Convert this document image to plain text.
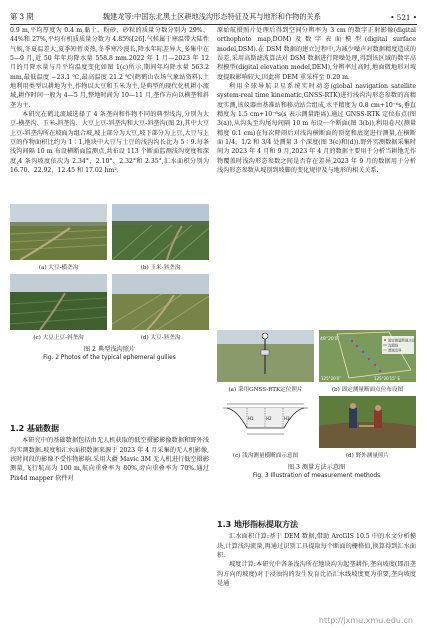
第 3 期	魏建龙等:中国东北黑土区耕地浅沟形态特征及其与地形和作物的关系	• 521 •

0.9 m,平均厚度为 0.4 m,黏土、粉砂、砂粒的质量分数分别为 29%、44%和 27%,平均有机质质量分数为 4.85%[26].气候属于寒温带大陆性气候,冬夏温差大,夏季短暂炎热,冬季寒冷漫长,降水年际差异大,多集中在 5—9 月,近 50 年年均降水量 558.8 mm.2022 年 1 月—2023 年 12 月的月降水量与月平均温度变化如图 1(c)所示,期间年均降水量 563.2 mm,最低温度 −23.1 ℃,最高温度 21.2 ℃(鹤鹤山农场气象站资料).土地利用类型以耕地为主,作物以大豆和玉米为主,是典型的现代化机耕小流域,耕作时间一般为 4—5 月,整地时间为 10—11 月,垄作方向以横垄和斜垄为主.

本研究在鹤北流域选择了 4 条垄向和作物不同的典型浅沟,分别为大豆-横垄沟、玉米-斜垄沟、大豆上豆-斜垄沟和大豆-斜垄沟(图 2),其中大豆上豆-斜垄沟所在坡面为组合坡,坡上部分为大豆,坡下部分为上豆,大豆与上豆的作物面积比约为 1∶1,地块中大豆与土豆的浅沟沟长比为 5∶9.每条浅沟间隔 10 m 布设横断面监测点,共布设 113 个断面监测浅沟宽度和深度,4 条沟坡度依次为 2.34°、2.10°、2.32°和 2.35°,汇水面积分别为 16.70、22.92、12.45 和 17.02 hm².

(a) 大豆-横垄沟	(b) 玉米-斜垄沟
(c) 大豆上豆-斜垄沟	(d) 大豆-斜垄沟
图 2 典型浅沟照片
Fig. 2 Photos of the typical ephemeral gullies
1.2 基础数据

本研究中的基础数据包括由无人机获取的低空摄影影像数据和野外浅沟实测数据.坡度和汇水面积数据来源于 2023 年 4 月采集的无人机影像,该时间段的影像不受作物影响.采用大疆 Mavic 3M 无人机进行低空摄影测量,飞行航高为 100 m,航向重叠率为 80%,旁向重叠率为 70%.通过 Pix4d mapper 软件对

原始航摄照片处理后得到空间分辨率为 3 cm 的数字正射影像(digital orthophoto map,DOM)及数字表面模型(digital surface model,DSM).在 DSM 数据的建立过程中,为减少噪声对数据精度造成的误差,采用高斯滤波算法对 DSM 数据进行降噪处理,得到该区域的数字高程模型(digital elevation model,DEM),分辨率过高时,地面微地形对坡度提取影响较大,因此将 DEM 重采样至 0.20 m.

利用全球导航卫星系统实时动态(global navigation satellite system-real time kinematic,GNSS-RTK)进行浅沟沟形态参数的高精度实测,该仪器由基准站和移动站合组成,水平精度为 0.8 cm+10⁻⁶s,垂直精度为 1.5 cm+10⁻⁶s(s 表示测量距离).通过 GNSS-RTK 定位布点(图 3(a)),从沟头至沟尾每间隔 10 m 布设一个断面(图 3(b)),利用卷尺(测量精度 0.1 cm)在每次降雨后对浅沟横断面的顶宽和底宽进行测量,在横断面 1/4、1/2 和 3/4 处测量 3 个深度(图 3(c)和(d)).野外实测数据采集时间为 2023 年 4 月和 9 月,2023 年 4 月的数据主要用于分析当耕地无作物覆盖时浅沟形态参数之间是否存在差异,2023 年 9 月的数据用于分析浅沟形态参数从坡顶到坡脚的变化规律及与地形的相关关系.

(a) 采用GNSS-RTK定位照片
49°20′0″
125°20′0″	125°20′15″ E
固定测量断面点位
沟道线
流域边界
(b) 固定测量断面点位布设图
H1	H2	H3
(c) 浅沟测量横断面示意图	(d) 野外测量照片
图 3 测量方法示意图
Fig. 3 Illustration of measurement methods
1.3 地形指标提取方法

汇水面积计算:基于 DEM 数据,借助 ArcGIS 10.5 中的水文分析模块,计算浅沟流量,再通过识别工具提取每个断面的栅格值,换算得到汇水面积.

坡度计算:本研究中各条浅沟所在地块均为起垄耕作,垄向坡度(即沿垄沟方向的坡度)对于浸浊沟的发生发育比沿汇水线坡度更为重要,垄向坡度是通

http://jxmu.xmu.edu.cn
